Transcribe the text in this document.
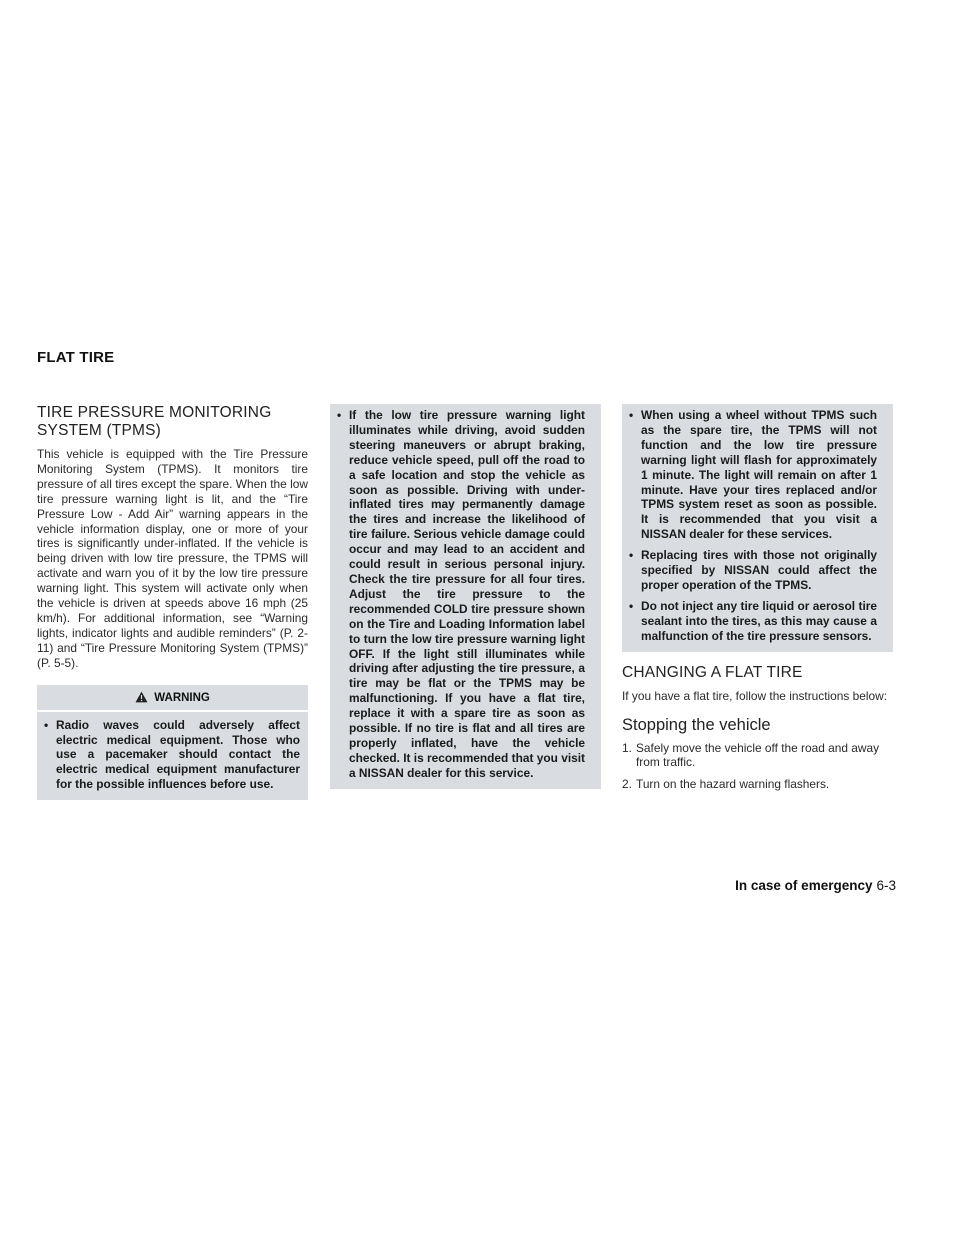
FLAT TIRE
TIRE PRESSURE MONITORING SYSTEM (TPMS)

This vehicle is equipped with the Tire Pressure Monitoring System (TPMS). It monitors tire pressure of all tires except the spare. When the low tire pressure warning light is lit, and the “Tire Pressure Low - Add Air” warning appears in the vehicle information display, one or more of your tires is significantly under-inflated. If the vehicle is being driven with low tire pressure, the TPMS will activate and warn you of it by the low tire pressure warning light. This system will activate only when the vehicle is driven at speeds above 16 mph (25 km/h). For additional information, see “Warning lights, indicator lights and audible reminders” (P. 2-11) and “Tire Pressure Monitoring System (TPMS)” (P. 5-5).

WARNING
• Radio waves could adversely affect electric medical equipment. Those who use a pacemaker should contact the electric medical equipment manufacturer for the possible influences before use.
• If the low tire pressure warning light illuminates while driving, avoid sudden steering maneuvers or abrupt braking, reduce vehicle speed, pull off the road to a safe location and stop the vehicle as soon as possible. Driving with under-inflated tires may permanently damage the tires and increase the likelihood of tire failure. Serious vehicle damage could occur and may lead to an accident and could result in serious personal injury. Check the tire pressure for all four tires. Adjust the tire pressure to the recommended COLD tire pressure shown on the Tire and Loading Information label to turn the low tire pressure warning light OFF. If the light still illuminates while driving after adjusting the tire pressure, a tire may be flat or the TPMS may be malfunctioning. If you have a flat tire, replace it with a spare tire as soon as possible. If no tire is flat and all tires are properly inflated, have the vehicle checked. It is recommended that you visit a NISSAN dealer for this service.
• When using a wheel without TPMS such as the spare tire, the TPMS will not function and the low tire pressure warning light will flash for approximately 1 minute. The light will remain on after 1 minute. Have your tires replaced and/or TPMS system reset as soon as possible. It is recommended that you visit a NISSAN dealer for these services.
• Replacing tires with those not originally specified by NISSAN could affect the proper operation of the TPMS.
• Do not inject any tire liquid or aerosol tire sealant into the tires, as this may cause a malfunction of the tire pressure sensors.
CHANGING A FLAT TIRE

If you have a flat tire, follow the instructions below:

Stopping the vehicle
1. Safely move the vehicle off the road and away from traffic.
2. Turn on the hazard warning flashers.
In case of emergency 6-3
